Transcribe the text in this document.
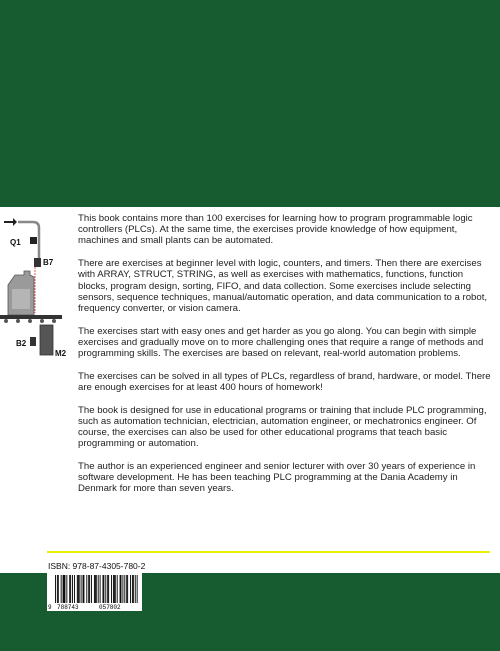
Q1
B7
B2
M2

This book contains more than 100 exercises for learning how to program programmable logic controllers (PLCs). At the same time, the exercises provide knowledge of how equipment, machines and small plants can be automated.

There are exercises at beginner level with logic, counters, and timers. Then there are exercises with ARRAY, STRUCT, STRING, as well as exercises with mathematics, functions, function blocks, program design, sorting, FIFO, and data collection. Some exercises include selecting sensors, sequence techniques, manual/automatic operation, and data communication to a robot, frequency converter, or vision camera.

The exercises start with easy ones and get harder as you go along. You can begin with simple exercises and gradually move on to more challenging ones that require a range of methods and programming skills. The exercises are based on relevant, real-world automation problems.

The exercises can be solved in all types of PLCs, regardless of brand, hardware, or model. There are enough exercises for at least 400 hours of homework!

The book is designed for use in educational programs or training that include PLC programming, such as automation technician, electrician, automation engineer, or mechatronics engineer. Of course, the exercises can also be used for other educational programs that teach basic programming or automation.

The author is an experienced engineer and senior lecturer with over 30 years of experience in software development. He has been teaching PLC programming at the Dania Academy in Denmark for more than seven years.

ISBN: 978-87-4305-780-2
9 788743	057802
